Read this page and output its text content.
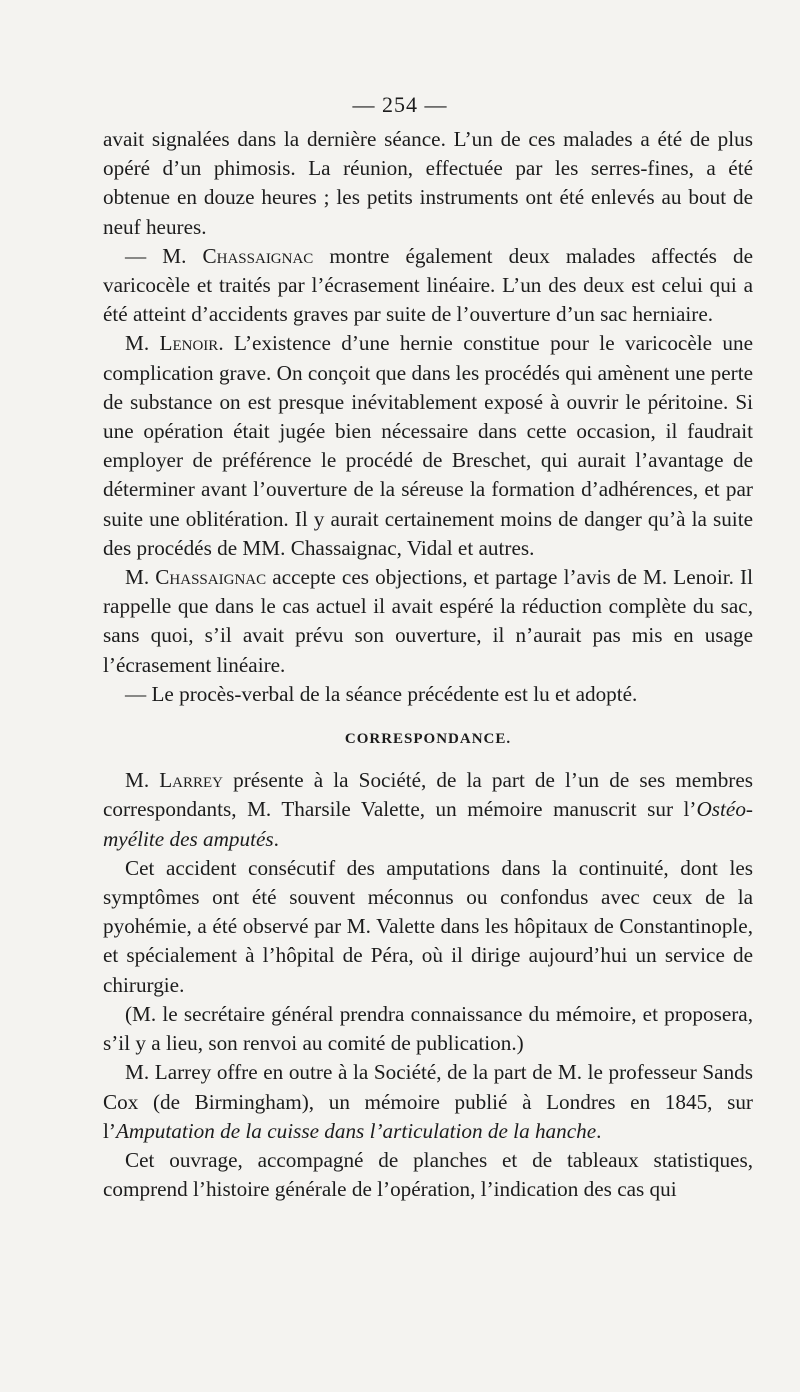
— 254 —

avait signalées dans la dernière séance. L’un de ces malades a été de plus opéré d’un phimosis. La réunion, effectuée par les serres-fines, a été obtenue en douze heures ; les petits instruments ont été enlevés au bout de neuf heures.

— M. Chassaignac montre également deux malades affectés de varicocèle et traités par l’écrasement linéaire. L’un des deux est celui qui a été atteint d’accidents graves par suite de l’ouverture d’un sac herniaire.

M. Lenoir. L’existence d’une hernie constitue pour le varicocèle une complication grave. On conçoit que dans les procédés qui amènent une perte de substance on est presque inévitablement exposé à ouvrir le péritoine. Si une opération était jugée bien nécessaire dans cette occasion, il faudrait employer de préférence le procédé de Breschet, qui aurait l’avantage de déterminer avant l’ouverture de la séreuse la formation d’adhérences, et par suite une oblitération. Il y aurait certainement moins de danger qu’à la suite des procédés de MM. Chassaignac, Vidal et autres.

M. Chassaignac accepte ces objections, et partage l’avis de M. Lenoir. Il rappelle que dans le cas actuel il avait espéré la réduction complète du sac, sans quoi, s’il avait prévu son ouverture, il n’aurait pas mis en usage l’écrasement linéaire.

— Le procès-verbal de la séance précédente est lu et adopté.

CORRESPONDANCE.

M. Larrey présente à la Société, de la part de l’un de ses membres correspondants, M. Tharsile Valette, un mémoire manuscrit sur l’Ostéo-myélite des amputés.

Cet accident consécutif des amputations dans la continuité, dont les symptômes ont été souvent méconnus ou confondus avec ceux de la pyohémie, a été observé par M. Valette dans les hôpitaux de Constantinople, et spécialement à l’hôpital de Péra, où il dirige aujourd’hui un service de chirurgie.

(M. le secrétaire général prendra connaissance du mémoire, et proposera, s’il y a lieu, son renvoi au comité de publication.)

M. Larrey offre en outre à la Société, de la part de M. le professeur Sands Cox (de Birmingham), un mémoire publié à Londres en 1845, sur l’Amputation de la cuisse dans l’articulation de la hanche.

Cet ouvrage, accompagné de planches et de tableaux statistiques, comprend l’histoire générale de l’opération, l’indication des cas qui
